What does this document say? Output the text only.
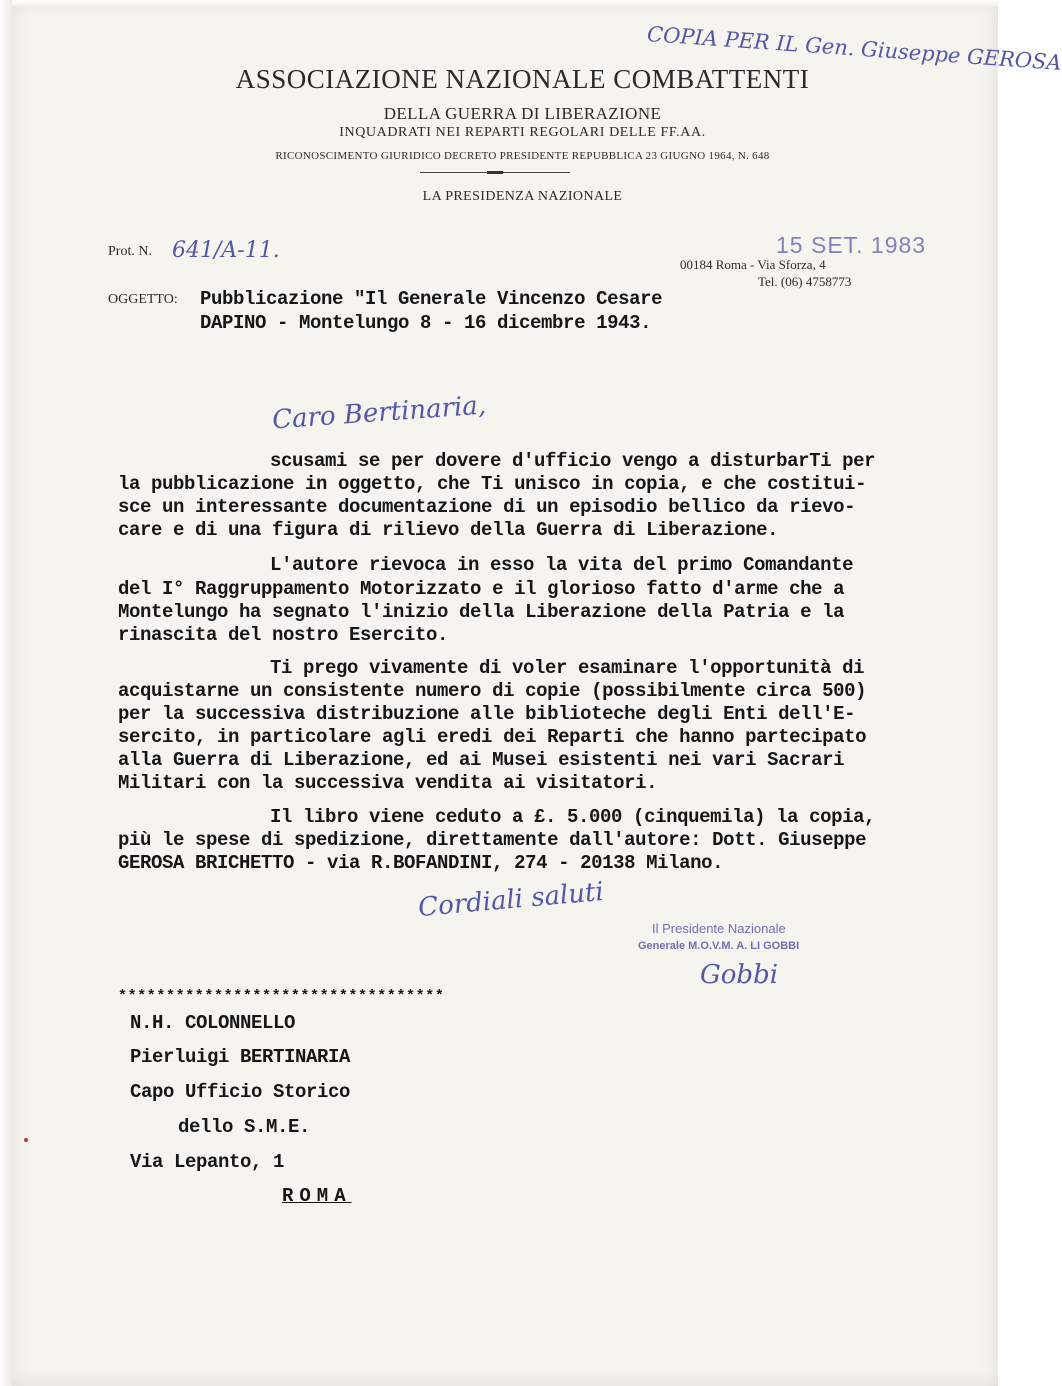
COPIA PER IL Gen. Giuseppe GEROSA
ASSOCIAZIONE NAZIONALE COMBATTENTI
DELLA GUERRA DI LIBERAZIONE
INQUADRATI NEI REPARTI REGOLARI DELLE FF.AA.
RICONOSCIMENTO GIURIDICO DECRETO PRESIDENTE REPUBBLICA 23 GIUGNO 1964, N. 648
LA PRESIDENZA NAZIONALE
Prot. N. 641/A-11.	15 SET. 1983
00184 Roma - Via Sforza, 4
Tel. (06) 4758773
OGGETTO: Pubblicazione "Il Generale Vincenzo Cesare
DAPINO - Montelungo 8 - 16 dicembre 1943.
Caro Bertinaria,
scusami se per dovere d'ufficio vengo a disturbarTi per
la pubblicazione in oggetto, che Ti unisco in copia, e che costitui-
sce un interessante documentazione di un episodio bellico da rievo-
care e di una figura di rilievo della Guerra di Liberazione.
L'autore rievoca in esso la vita del primo Comandante
del I° Raggruppamento Motorizzato e il glorioso fatto d'arme che a
Montelungo ha segnato l'inizio della Liberazione della Patria e la
rinascita del nostro Esercito.
Ti prego vivamente di voler esaminare l'opportunità di
acquistarne un consistente numero di copie (possibilmente circa 500)
per la successiva distribuzione alle biblioteche degli Enti dell'E-
sercito, in particolare agli eredi dei Reparti che hanno partecipato
alla Guerra di Liberazione, ed ai Musei esistenti nei vari Sacrari
Militari con la successiva vendita ai visitatori.
Il libro viene ceduto a £. 5.000 (cinquemila) la copia,
più le spese di spedizione, direttamente dall'autore: Dott. Giuseppe
GEROSA BRICHETTO - via R.BOFANDINI, 274 - 20138 Milano.
Cordiali saluti
Il Presidente Nazionale
Generale M.O.V.M. A. LI GOBBI
Gobbi
**********************************
N.H. COLONNELLO
Pierluigi BERTINARIA
Capo Ufficio Storico
dello S.M.E.
Via Lepanto, 1
ROMA
